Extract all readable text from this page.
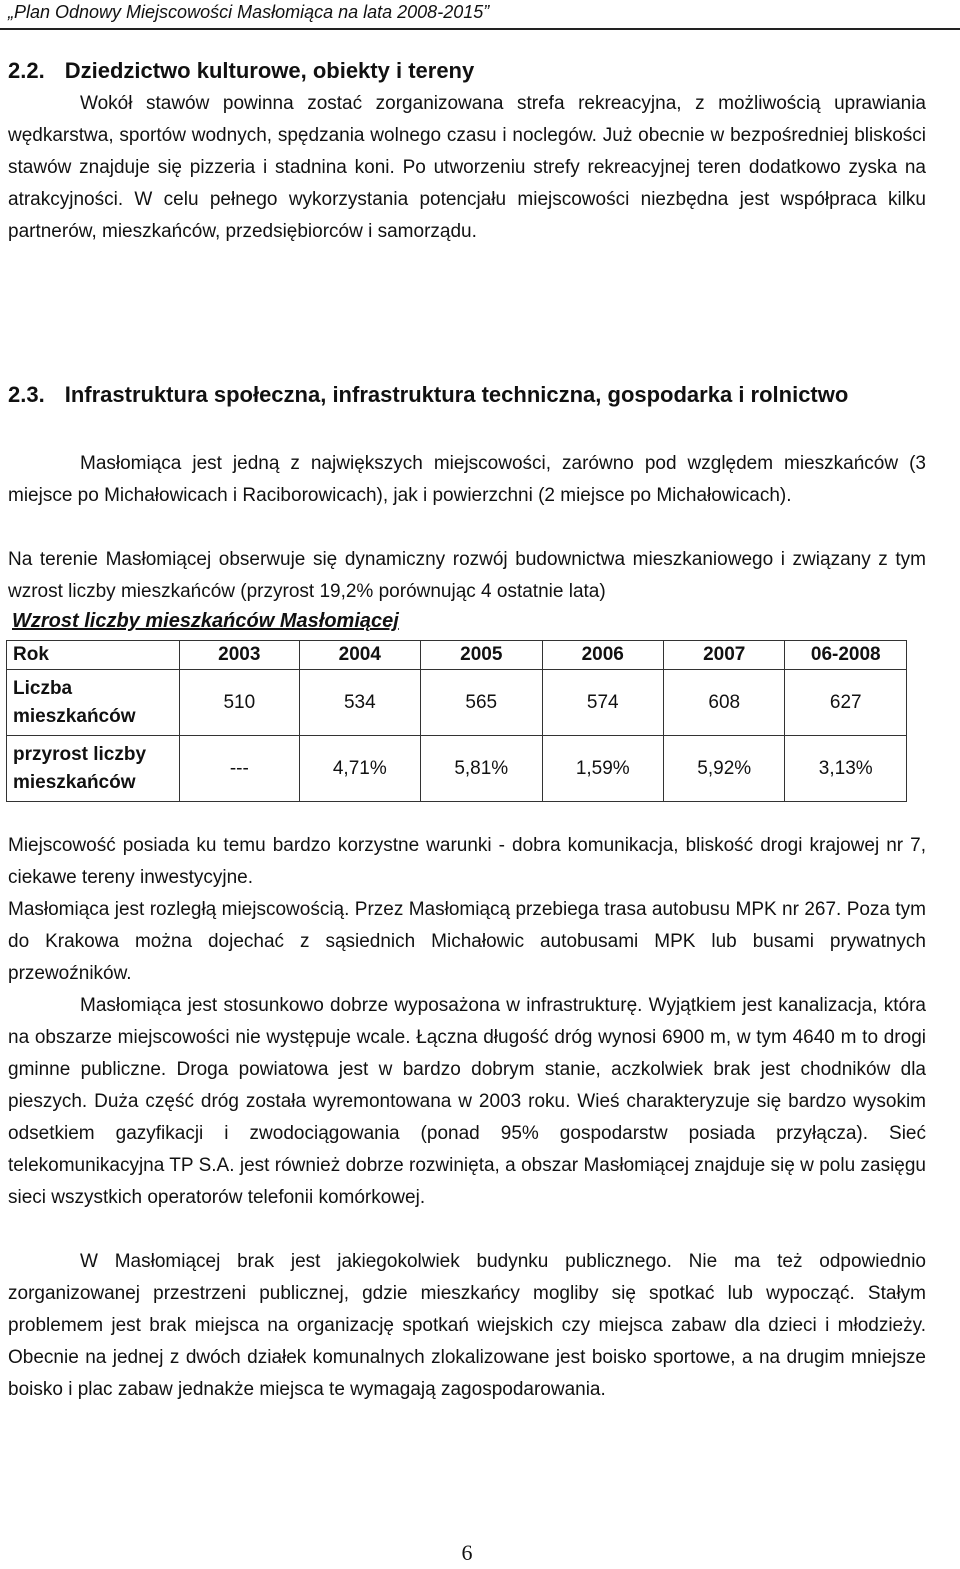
„Plan Odnowy Miejscowości Masłomiąca na lata 2008-2015”
2.2. Dziedzictwo kulturowe, obiekty i tereny

Wokół stawów powinna zostać zorganizowana strefa rekreacyjna, z możliwością uprawiania wędkarstwa, sportów wodnych, spędzania wolnego czasu i noclegów. Już obecnie w bezpośredniej bliskości stawów znajduje się pizzeria i stadnina koni. Po utworzeniu strefy rekreacyjnej teren dodatkowo zyska na atrakcyjności. W celu pełnego wykorzystania potencjału miejscowości niezbędna jest współpraca kilku partnerów, mieszkańców, przedsiębiorców i samorządu.

2.3. Infrastruktura społeczna, infrastruktura techniczna, gospodarka i rolnictwo

Masłomiąca jest jedną z największych miejscowości, zarówno pod względem mieszkańców (3 miejsce po Michałowicach i Raciborowicach), jak i powierzchni (2 miejsce po Michałowicach).

Na terenie Masłomiącej obserwuje się dynamiczny rozwój budownictwa mieszkaniowego i związany z tym wzrost liczby mieszkańców (przyrost 19,2% porównując 4 ostatnie lata)

Wzrost liczby mieszkańców Masłomiącej
Rok	2003	2004	2005	2006	2007	06-2008
Liczba mieszkańców	510	534	565	574	608	627
przyrost liczby mieszkańców	---	4,71%	5,81%	1,59%	5,92%	3,13%

Miejscowość posiada ku temu bardzo korzystne warunki - dobra komunikacja, bliskość drogi krajowej nr 7, ciekawe tereny inwestycyjne.

Masłomiąca jest rozległą miejscowością. Przez Masłomiącą przebiega trasa autobusu MPK nr 267. Poza tym do Krakowa można dojechać z sąsiednich Michałowic autobusami MPK lub busami prywatnych przewoźników.

Masłomiąca jest stosunkowo dobrze wyposażona w infrastrukturę. Wyjątkiem jest kanalizacja, która na obszarze miejscowości nie występuje wcale. Łączna długość dróg wynosi 6900 m, w tym 4640 m to drogi gminne publiczne. Droga powiatowa jest w bardzo dobrym stanie, aczkolwiek brak jest chodników dla pieszych. Duża część dróg została wyremontowana w 2003 roku. Wieś charakteryzuje się bardzo wysokim odsetkiem gazyfikacji i zwodociągowania (ponad 95% gospodarstw posiada przyłącza). Sieć telekomunikacyjna TP S.A. jest również dobrze rozwinięta, a obszar Masłomiącej znajduje się w polu zasięgu sieci wszystkich operatorów telefonii komórkowej.

W Masłomiącej brak jest jakiegokolwiek budynku publicznego. Nie ma też odpowiednio zorganizowanej przestrzeni publicznej, gdzie mieszkańcy mogliby się spotkać lub wypocząć. Stałym problemem jest brak miejsca na organizację spotkań wiejskich czy miejsca zabaw dla dzieci i młodzieży. Obecnie na jednej z dwóch działek komunalnych zlokalizowane jest boisko sportowe, a na drugim mniejsze boisko i plac zabaw jednakże miejsca te wymagają zagospodarowania.

6
